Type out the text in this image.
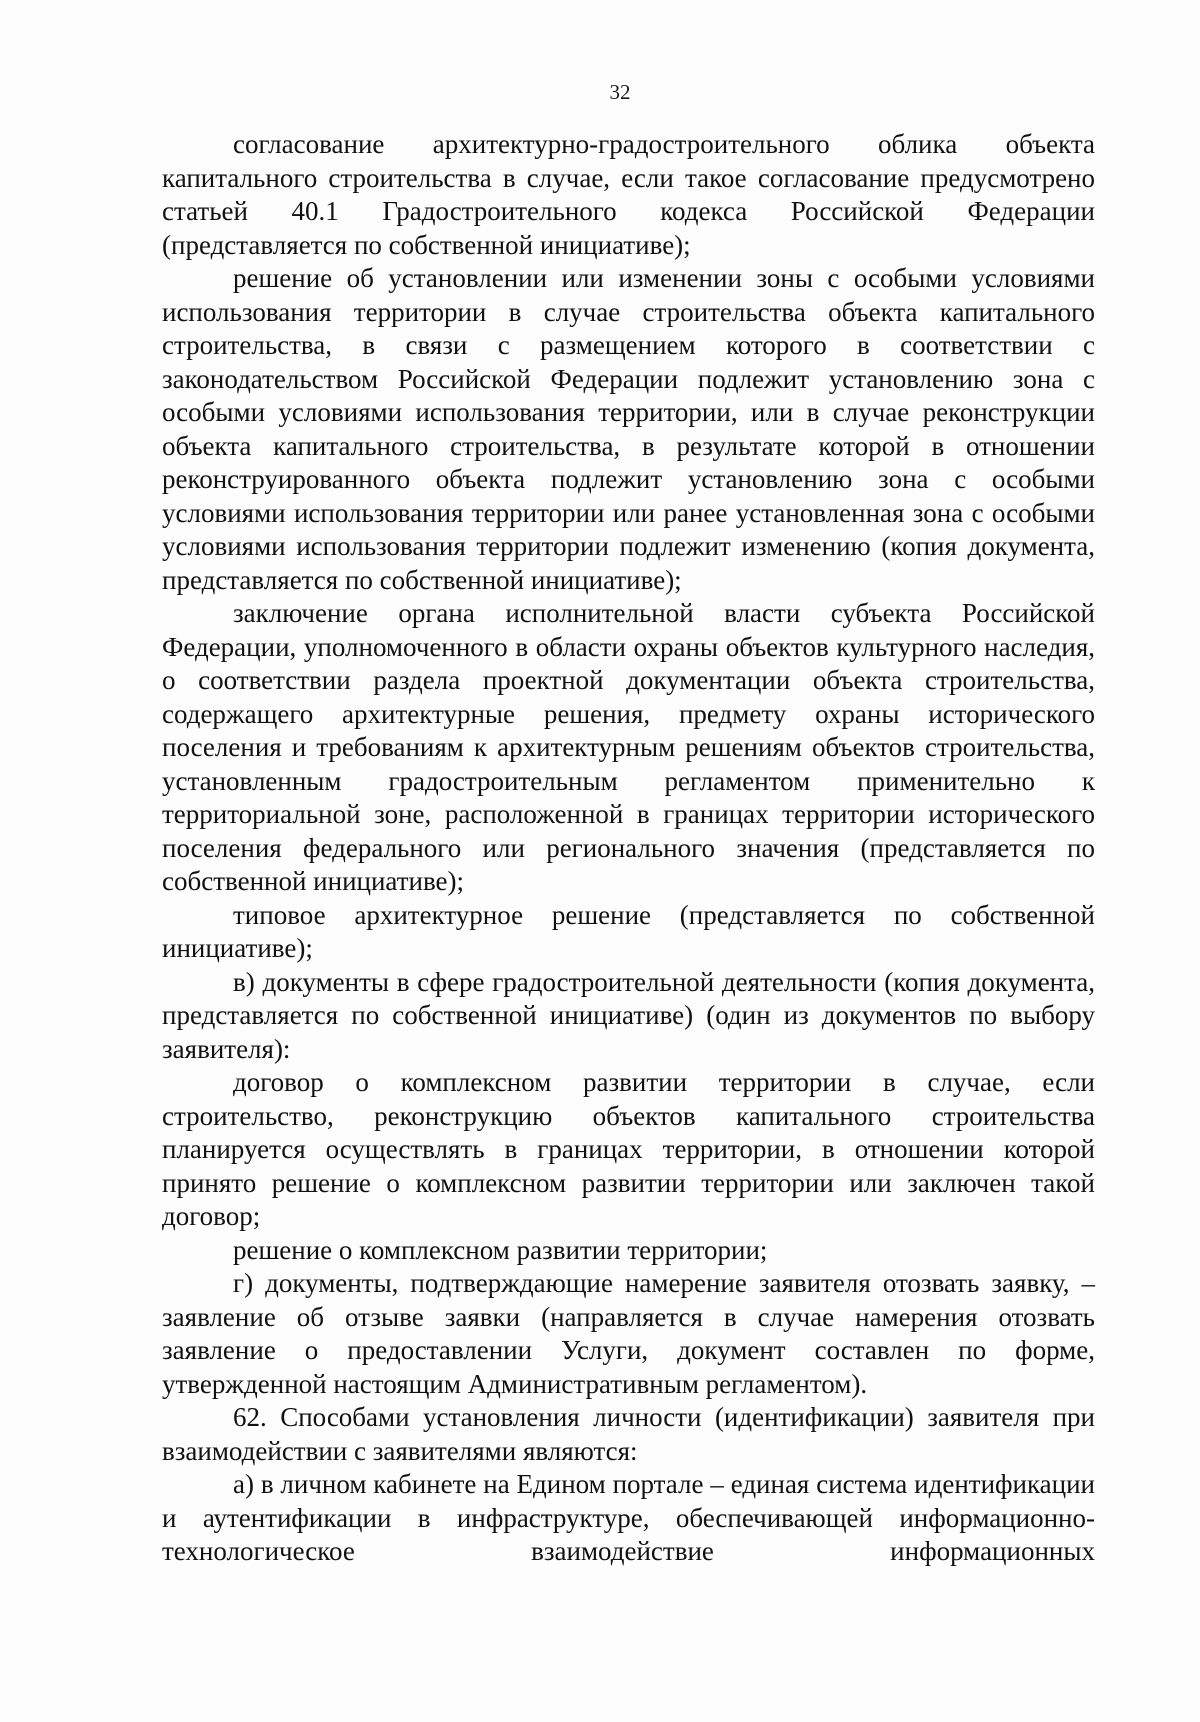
32

согласование архитектурно-градостроительного облика объекта капитального строительства в случае, если такое согласование предусмотрено статьей 40.1 Градостроительного кодекса Российской Федерации (представляется по собственной инициативе);

решение об установлении или изменении зоны с особыми условиями использования территории в случае строительства объекта капитального строительства, в связи с размещением которого в соответствии с законодательством Российской Федерации подлежит установлению зона с особыми условиями использования территории, или в случае реконструкции объекта капитального строительства, в результате которой в отношении реконструированного объекта подлежит установлению зона с особыми условиями использования территории или ранее установленная зона с особыми условиями использования территории подлежит изменению (копия документа, представляется по собственной инициативе);

заключение органа исполнительной власти субъекта Российской Федерации, уполномоченного в области охраны объектов культурного наследия, о соответствии раздела проектной документации объекта строительства, содержащего архитектурные решения, предмету охраны исторического поселения и требованиям к архитектурным решениям объектов строительства, установленным градостроительным регламентом применительно к территориальной зоне, расположенной в границах территории исторического поселения федерального или регионального значения (представляется по собственной инициативе);

типовое архитектурное решение (представляется по собственной инициативе);

в) документы в сфере градостроительной деятельности (копия документа, представляется по собственной инициативе) (один из документов по выбору заявителя):

договор о комплексном развитии территории в случае, если строительство, реконструкцию объектов капитального строительства планируется осуществлять в границах территории, в отношении которой принято решение о комплексном развитии территории или заключен такой договор;

решение о комплексном развитии территории;

г) документы, подтверждающие намерение заявителя отозвать заявку, – заявление об отзыве заявки (направляется в случае намерения отозвать заявление о предоставлении Услуги, документ составлен по форме, утвержденной настоящим Административным регламентом).

62. Способами установления личности (идентификации) заявителя при взаимодействии с заявителями являются:

а) в личном кабинете на Едином портале – единая система идентификации и аутентификации в инфраструктуре, обеспечивающей информационно-технологическое взаимодействие информационных
